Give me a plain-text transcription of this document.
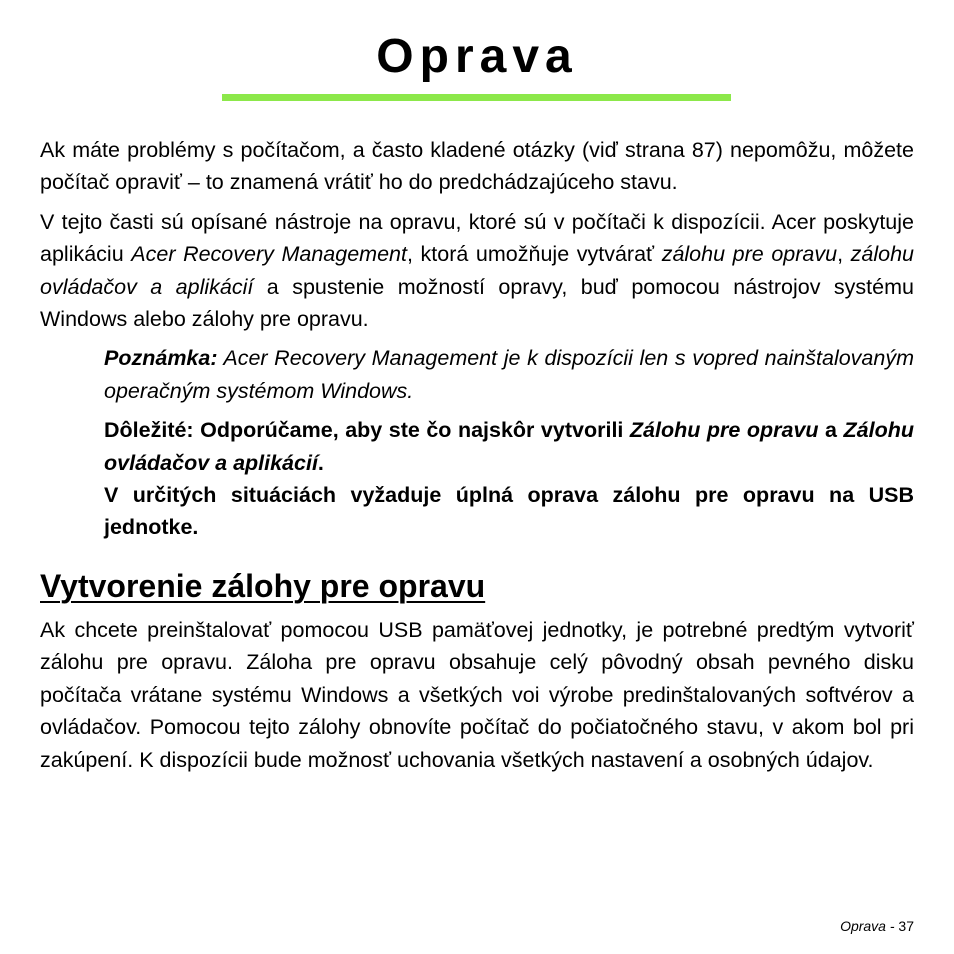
Oprava

Ak máte problémy s počítačom, a často kladené otázky (viď strana 87) nepomôžu, môžete počítač opraviť – to znamená vrátiť ho do predchádzajúceho stavu.

V tejto časti sú opísané nástroje na opravu, ktoré sú v počítači k dispozícii. Acer poskytuje aplikáciu Acer Recovery Management, ktorá umožňuje vytvárať zálohu pre opravu, zálohu ovládačov a aplikácií a spustenie možností opravy, buď pomocou nástrojov systému Windows alebo zálohy pre opravu.

Poznámka: Acer Recovery Management je k dispozícii len s vopred nainštalovaným operačným systémom Windows.

Dôležité: Odporúčame, aby ste čo najskôr vytvorili Zálohu pre opravu a Zálohu ovládačov a aplikácií.

V určitých situáciách vyžaduje úplná oprava zálohu pre opravu na USB jednotke.

Vytvorenie zálohy pre opravu

Ak chcete preinštalovať pomocou USB pamäťovej jednotky, je potrebné predtým vytvoriť zálohu pre opravu. Záloha pre opravu obsahuje celý pôvodný obsah pevného disku počítača vrátane systému Windows a všetkých voi výrobe predinštalovaných softvérov a ovládačov. Pomocou tejto zálohy obnovíte počítač do počiatočného stavu, v akom bol pri zakúpení. K dispozícii bude možnosť uchovania všetkých nastavení a osobných údajov.

Oprava - 37
